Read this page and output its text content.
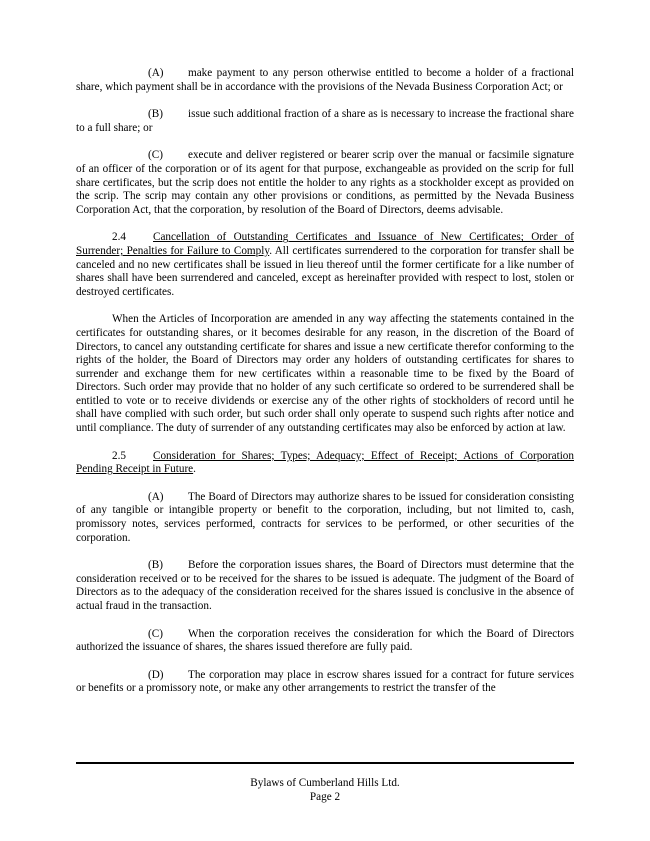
(A) make payment to any person otherwise entitled to become a holder of a fractional share, which payment shall be in accordance with the provisions of the Nevada Business Corporation Act; or

(B) issue such additional fraction of a share as is necessary to increase the fractional share to a full share; or

(C) execute and deliver registered or bearer scrip over the manual or facsimile signature of an officer of the corporation or of its agent for that purpose, exchangeable as provided on the scrip for full share certificates, but the scrip does not entitle the holder to any rights as a stockholder except as provided on the scrip. The scrip may contain any other provisions or conditions, as permitted by the Nevada Business Corporation Act, that the corporation, by resolution of the Board of Directors, deems advisable.

2.4 Cancellation of Outstanding Certificates and Issuance of New Certificates; Order of Surrender; Penalties for Failure to Comply. All certificates surrendered to the corporation for transfer shall be canceled and no new certificates shall be issued in lieu thereof until the former certificate for a like number of shares shall have been surrendered and canceled, except as hereinafter provided with respect to lost, stolen or destroyed certificates.

When the Articles of Incorporation are amended in any way affecting the statements contained in the certificates for outstanding shares, or it becomes desirable for any reason, in the discretion of the Board of Directors, to cancel any outstanding certificate for shares and issue a new certificate therefor conforming to the rights of the holder, the Board of Directors may order any holders of outstanding certificates for shares to surrender and exchange them for new certificates within a reasonable time to be fixed by the Board of Directors. Such order may provide that no holder of any such certificate so ordered to be surrendered shall be entitled to vote or to receive dividends or exercise any of the other rights of stockholders of record until he shall have complied with such order, but such order shall only operate to suspend such rights after notice and until compliance. The duty of surrender of any outstanding certificates may also be enforced by action at law.

2.5 Consideration for Shares; Types; Adequacy; Effect of Receipt; Actions of Corporation Pending Receipt in Future.

(A) The Board of Directors may authorize shares to be issued for consideration consisting of any tangible or intangible property or benefit to the corporation, including, but not limited to, cash, promissory notes, services performed, contracts for services to be performed, or other securities of the corporation.

(B) Before the corporation issues shares, the Board of Directors must determine that the consideration received or to be received for the shares to be issued is adequate. The judgment of the Board of Directors as to the adequacy of the consideration received for the shares issued is conclusive in the absence of actual fraud in the transaction.

(C) When the corporation receives the consideration for which the Board of Directors authorized the issuance of shares, the shares issued therefore are fully paid.

(D) The corporation may place in escrow shares issued for a contract for future services or benefits or a promissory note, or make any other arrangements to restrict the transfer of the

Bylaws of Cumberland Hills Ltd.
Page 2
